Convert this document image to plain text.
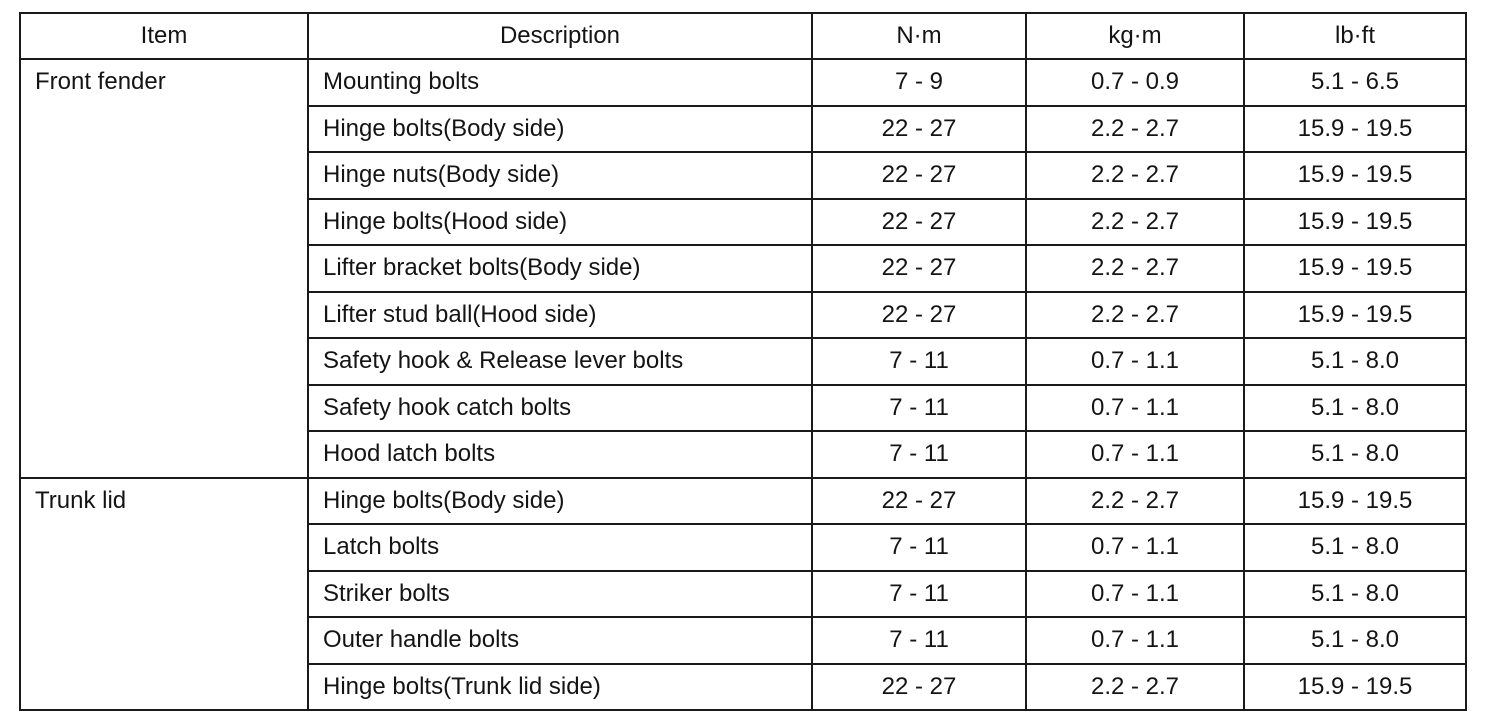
Item	Description	N·m	kg·m	lb·ft
Front fender	Mounting bolts	7 - 9	0.7 - 0.9	5.1 - 6.5
	Hinge bolts(Body side)	22 - 27	2.2 - 2.7	15.9 - 19.5
	Hinge nuts(Body side)	22 - 27	2.2 - 2.7	15.9 - 19.5
	Hinge bolts(Hood side)	22 - 27	2.2 - 2.7	15.9 - 19.5
	Lifter bracket bolts(Body side)	22 - 27	2.2 - 2.7	15.9 - 19.5
	Lifter stud ball(Hood side)	22 - 27	2.2 - 2.7	15.9 - 19.5
	Safety hook & Release lever bolts	7 - 11	0.7 - 1.1	5.1 - 8.0
	Safety hook catch bolts	7 - 11	0.7 - 1.1	5.1 - 8.0
	Hood latch bolts	7 - 11	0.7 - 1.1	5.1 - 8.0
Trunk lid	Hinge bolts(Body side)	22 - 27	2.2 - 2.7	15.9 - 19.5
	Latch bolts	7 - 11	0.7 - 1.1	5.1 - 8.0
	Striker bolts	7 - 11	0.7 - 1.1	5.1 - 8.0
	Outer handle bolts	7 - 11	0.7 - 1.1	5.1 - 8.0
	Hinge bolts(Trunk lid side)	22 - 27	2.2 - 2.7	15.9 - 19.5
